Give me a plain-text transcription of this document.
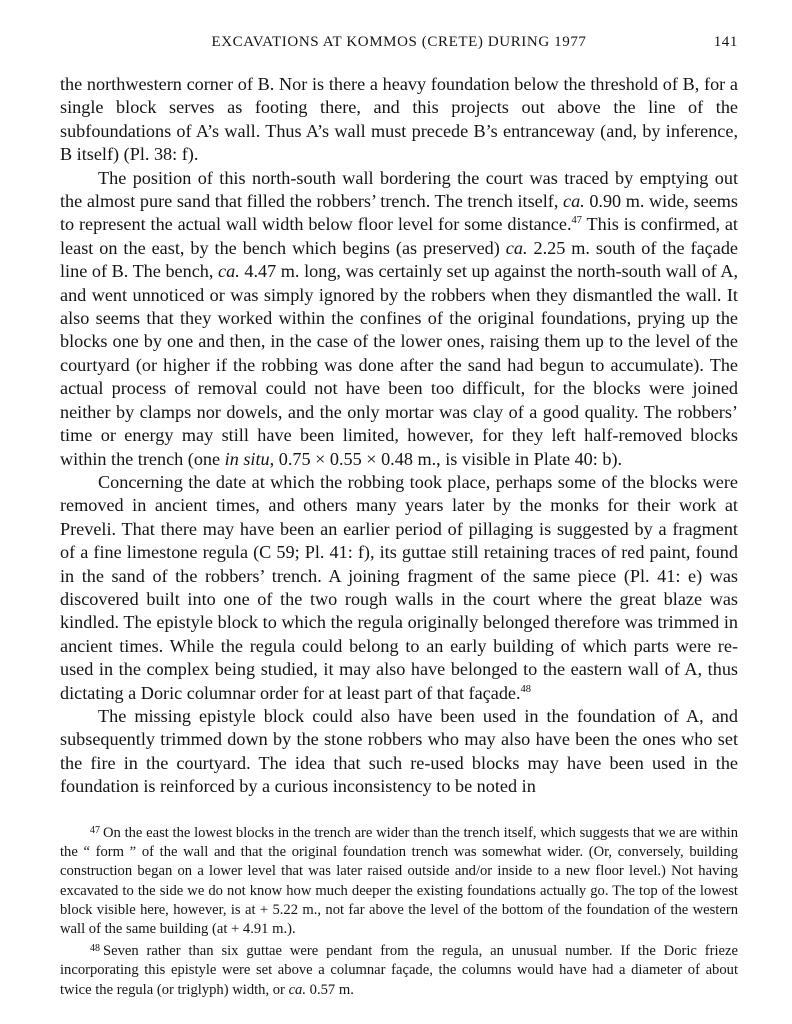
EXCAVATIONS AT KOMMOS (CRETE) DURING 1977	141

the northwestern corner of B. Nor is there a heavy foundation below the threshold of B, for a single block serves as footing there, and this projects out above the line of the subfoundations of A’s wall. Thus A’s wall must precede B’s entranceway (and, by inference, B itself) (Pl. 38: f).

The position of this north-south wall bordering the court was traced by emptying out the almost pure sand that filled the robbers’ trench. The trench itself, ca. 0.90 m. wide, seems to represent the actual wall width below floor level for some distance.$^{47}$ This is confirmed, at least on the east, by the bench which begins (as preserved) ca. 2.25 m. south of the façade line of B. The bench, ca. 4.47 m. long, was certainly set up against the north-south wall of A, and went unnoticed or was simply ignored by the robbers when they dismantled the wall. It also seems that they worked within the confines of the original foundations, prying up the blocks one by one and then, in the case of the lower ones, raising them up to the level of the courtyard (or higher if the robbing was done after the sand had begun to accumulate). The actual process of removal could not have been too difficult, for the blocks were joined neither by clamps nor dowels, and the only mortar was clay of a good quality. The robbers’ time or energy may still have been limited, however, for they left half-removed blocks within the trench (one in situ, 0.75 × 0.55 × 0.48 m., is visible in Plate 40: b).

Concerning the date at which the robbing took place, perhaps some of the blocks were removed in ancient times, and others many years later by the monks for their work at Preveli. That there may have been an earlier period of pillaging is suggested by a fragment of a fine limestone regula (C 59; Pl. 41: f), its guttae still retaining traces of red paint, found in the sand of the robbers’ trench. A joining fragment of the same piece (Pl. 41: e) was discovered built into one of the two rough walls in the court where the great blaze was kindled. The epistyle block to which the regula originally belonged therefore was trimmed in ancient times. While the regula could belong to an early building of which parts were re-used in the complex being studied, it may also have belonged to the eastern wall of A, thus dictating a Doric columnar order for at least part of that façade.$^{48}$

The missing epistyle block could also have been used in the foundation of A, and subsequently trimmed down by the stone robbers who may also have been the ones who set the fire in the courtyard. The idea that such re-used blocks may have been used in the foundation is reinforced by a curious inconsistency to be noted in

$^{47}$ On the east the lowest blocks in the trench are wider than the trench itself, which suggests that we are within the “ form ” of the wall and that the original foundation trench was somewhat wider. (Or, conversely, building construction began on a lower level that was later raised outside and/or inside to a new floor level.) Not having excavated to the side we do not know how much deeper the existing foundations actually go. The top of the lowest block visible here, however, is at + 5.22 m., not far above the level of the bottom of the foundation of the western wall of the same building (at + 4.91 m.).

$^{48}$ Seven rather than six guttae were pendant from the regula, an unusual number. If the Doric frieze incorporating this epistyle were set above a columnar façade, the columns would have had a diameter of about twice the regula (or triglyph) width, or ca. 0.57 m.
